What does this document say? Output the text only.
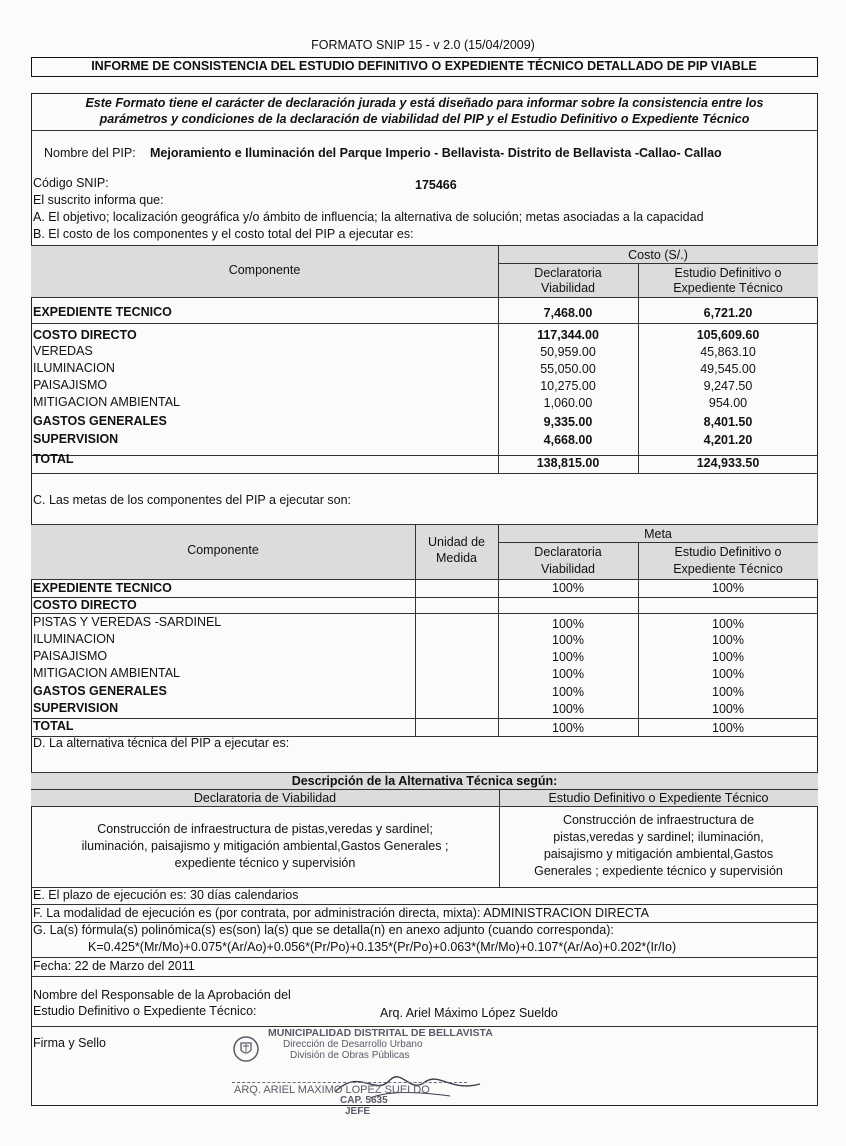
FORMATO SNIP 15 - v 2.0 (15/04/2009)
INFORME DE CONSISTENCIA DEL ESTUDIO DEFINITIVO O EXPEDIENTE TÉCNICO DETALLADO DE PIP VIABLE
Este Formato tiene el carácter de declaración jurada y está diseñado para informar sobre la consistencia entre los
parámetros y condiciones de la declaración de viabilidad del PIP y el Estudio Definitivo o Expediente Técnico
Nombre del PIP: Mejoramiento e Iluminación del Parque Imperio - Bellavista- Distrito de Bellavista -Callao- Callao
Código SNIP:	175466
El suscrito informa que:
A. El objetivo; localización geográfica y/o ámbito de influencia; la alternativa de solución; metas asociadas a la capacidad
B. El costo de los componentes y el costo total del PIP a ejecutar es:
Componente
Costo (S/.)
Declaratoria
Viabilidad
Estudio Definitivo o
Expediente Técnico
EXPEDIENTE TECNICO	7,468.00	6,721.20
COSTO DIRECTO	117,344.00	105,609.60
VEREDAS	50,959.00	45,863.10
ILUMINACION	55,050.00	49,545.00
PAISAJISMO	10,275.00	9,247.50
MITIGACION AMBIENTAL	1,060.00	954.00
GASTOS GENERALES	9,335.00	8,401.50
SUPERVISION	4,668.00	4,201.20
TOTAL	138,815.00	124,933.50
C. Las metas de los componentes del PIP a ejecutar son:
Componente
Unidad de
Medida
Meta
Declaratoria
Viabilidad
Estudio Definitivo o
Expediente Técnico
EXPEDIENTE TECNICO	100%	100%
COSTO DIRECTO
PISTAS Y VEREDAS -SARDINEL	100%	100%
ILUMINACION	100%	100%
PAISAJISMO	100%	100%
MITIGACION AMBIENTAL	100%	100%
GASTOS GENERALES	100%	100%
SUPERVISION	100%	100%
TOTAL	100%	100%
D. La alternativa técnica del PIP a ejecutar es:
Descripción de la Alternativa Técnica según:
Declaratoria de Viabilidad	Estudio Definitivo o Expediente Técnico
Construcción de infraestructura de pistas,veredas y sardinel;
iluminación, paisajismo y mitigación ambiental,Gastos Generales ;
expediente técnico y supervisión
Construcción de infraestructura de
pistas,veredas y sardinel; iluminación,
paisajismo y mitigación ambiental,Gastos
Generales ; expediente técnico y supervisión
E. El plazo de ejecución es: 30 días calendarios
F. La modalidad de ejecución es (por contrata, por administración directa, mixta): ADMINISTRACION DIRECTA
G. La(s) fórmula(s) polinómica(s) es(son) la(s) que se detalla(n) en anexo adjunto (cuando corresponda):
K=0.425*(Mr/Mo)+0.075*(Ar/Ao)+0.056*(Pr/Po)+0.135*(Pr/Po)+0.063*(Mr/Mo)+0.107*(Ar/Ao)+0.202*(Ir/Io)
Fecha: 22 de Marzo del 2011
Nombre del Responsable de la Aprobación del
Estudio Definitivo o Expediente Técnico:	Arq. Ariel Máximo López Sueldo
Firma y Sello
MUNICIPALIDAD DISTRITAL DE BELLAVISTA
Dirección de Desarrollo Urbano
División de Obras Públicas
ARQ. ARIEL MAXIMO LOPEZ SUELDO
CAP. 5635
JEFE
